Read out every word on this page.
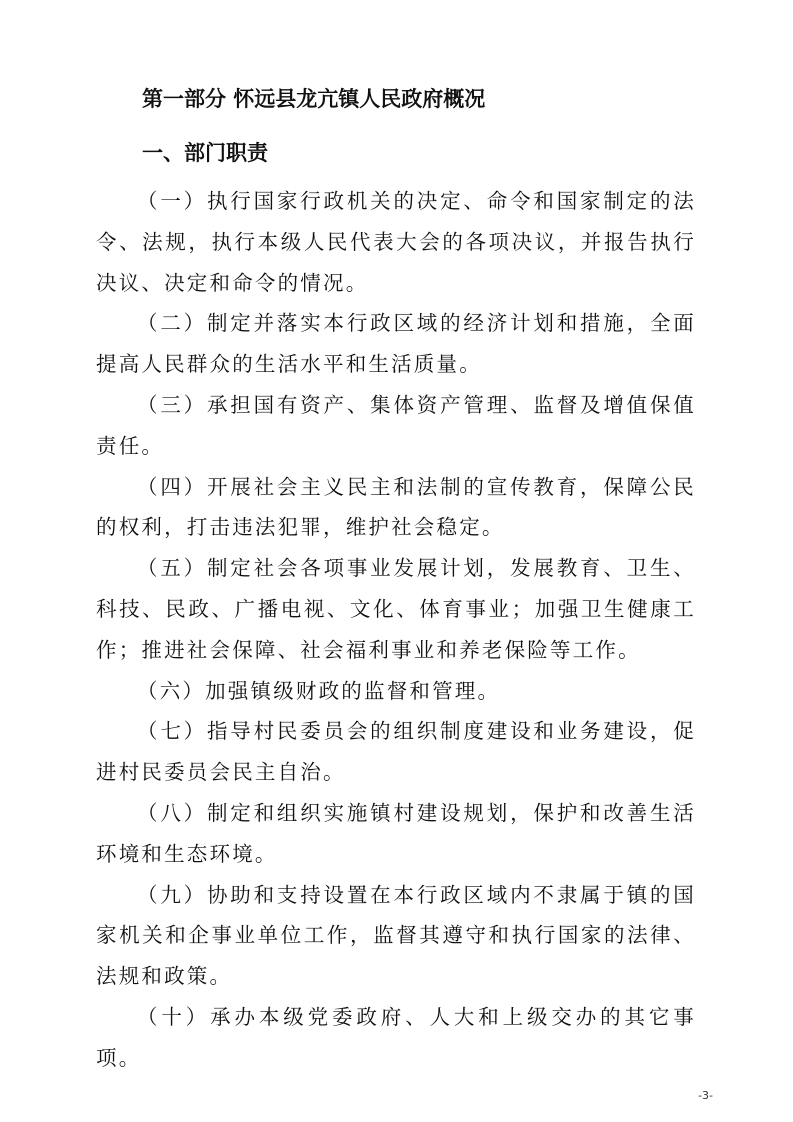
第一部分 怀远县龙亢镇人民政府概况
一、部门职责

（一）执行国家行政机关的决定、命令和国家制定的法令、法规，执行本级人民代表大会的各项决议，并报告执行决议、决定和命令的情况。

（二）制定并落实本行政区域的经济计划和措施，全面提高人民群众的生活水平和生活质量。

（三）承担国有资产、集体资产管理、监督及增值保值责任。

（四）开展社会主义民主和法制的宣传教育，保障公民的权利，打击违法犯罪，维护社会稳定。

（五）制定社会各项事业发展计划，发展教育、卫生、科技、民政、广播电视、文化、体育事业；加强卫生健康工作；推进社会保障、社会福利事业和养老保险等工作。

（六）加强镇级财政的监督和管理。

（七）指导村民委员会的组织制度建设和业务建设，促进村民委员会民主自治。

（八）制定和组织实施镇村建设规划，保护和改善生活环境和生态环境。

（九）协助和支持设置在本行政区域内不隶属于镇的国家机关和企事业单位工作，监督其遵守和执行国家的法律、法规和政策。

（十）承办本级党委政府、人大和上级交办的其它事项。

-3-
